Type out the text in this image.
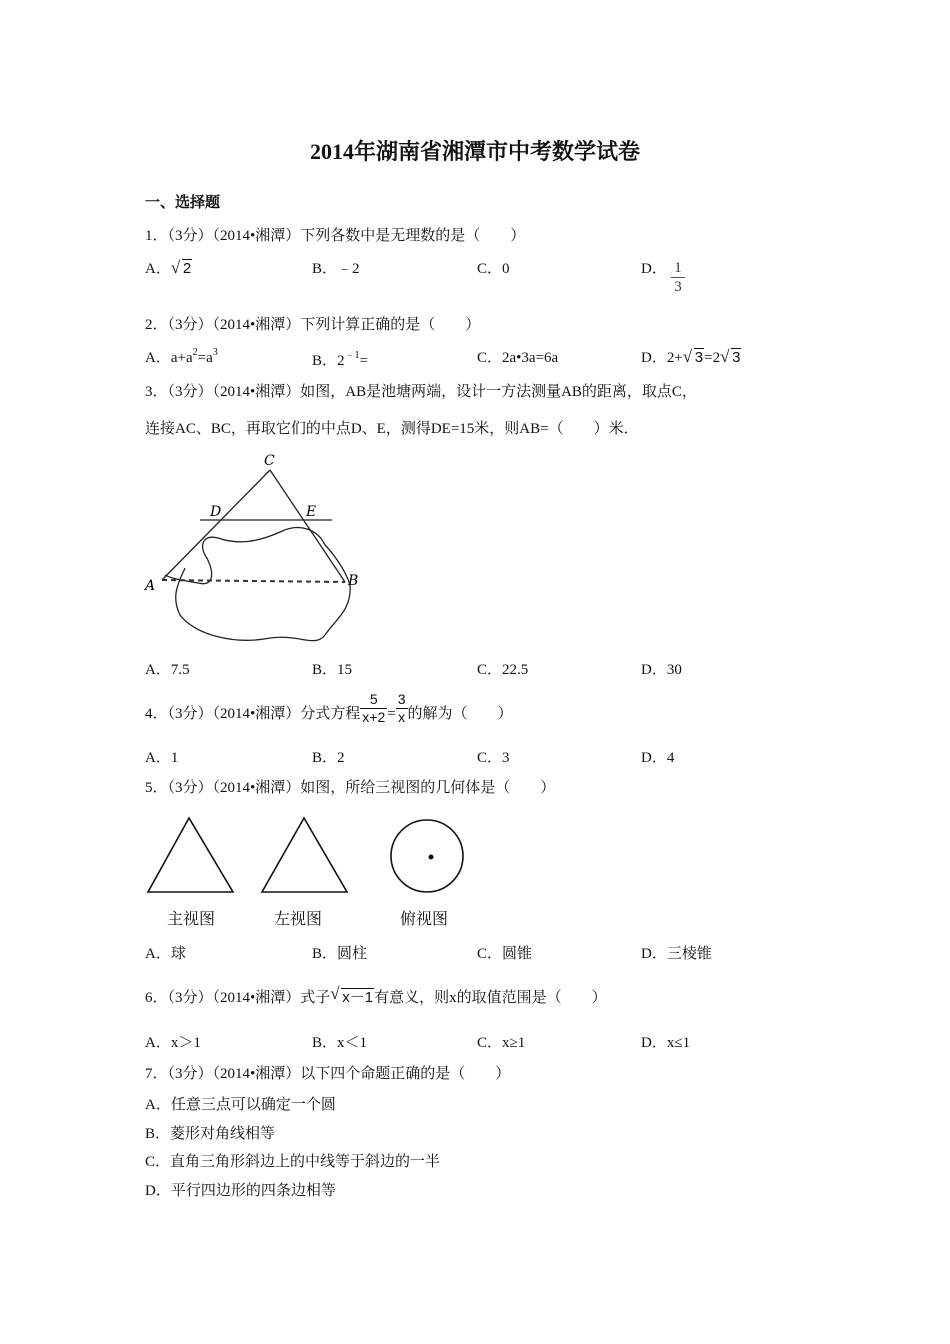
2014年湖南省湘潭市中考数学试卷
一、选择题
1．（3分）（2014•湘潭）下列各数中是无理数的是（　　）
A． √ 2	B．﹣2	C．0	D． $\frac{1}{3}$
2．（3分）（2014•湘潭）下列计算正确的是（　　）
A．$a+a^2=a^3$
B．$2^{﹣1}=$	C．2a•3a=6a	D．2+ √ 3=2 √ 3
3．（3分）（2014•湘潭）如图，AB是池塘两端，设计一方法测量AB的距离，取点C，
连接AC、BC，再取它们的中点D、E，测得DE=15米，则AB=（　　）米．
C
D	E
A	B
A．7.5	B．15	C．22.5	D．30
4．（3分）（2014•湘潭）分式方程 $\frac{5}{x+2} = \frac{3}{x}$ 的解为（　　）
A．1	B．2	C．3	D．4
5．（3分）（2014•湘潭）如图，所给三视图的几何体是（　　）
主视图	左视图	俯视图
A．球	B．圆柱	C．圆锥	D．三棱锥
6．（3分）（2014•湘潭）式子 √ x－1有意义，则x的取值范围是（　　）
A．x＞1	B．x＜1	C．x≥1	D．x≤1
7．（3分）（2014•湘潭）以下四个命题正确的是（　　）
A．任意三点可以确定一个圆
B．菱形对角线相等
C．直角三角形斜边上的中线等于斜边的一半
D．平行四边形的四条边相等
